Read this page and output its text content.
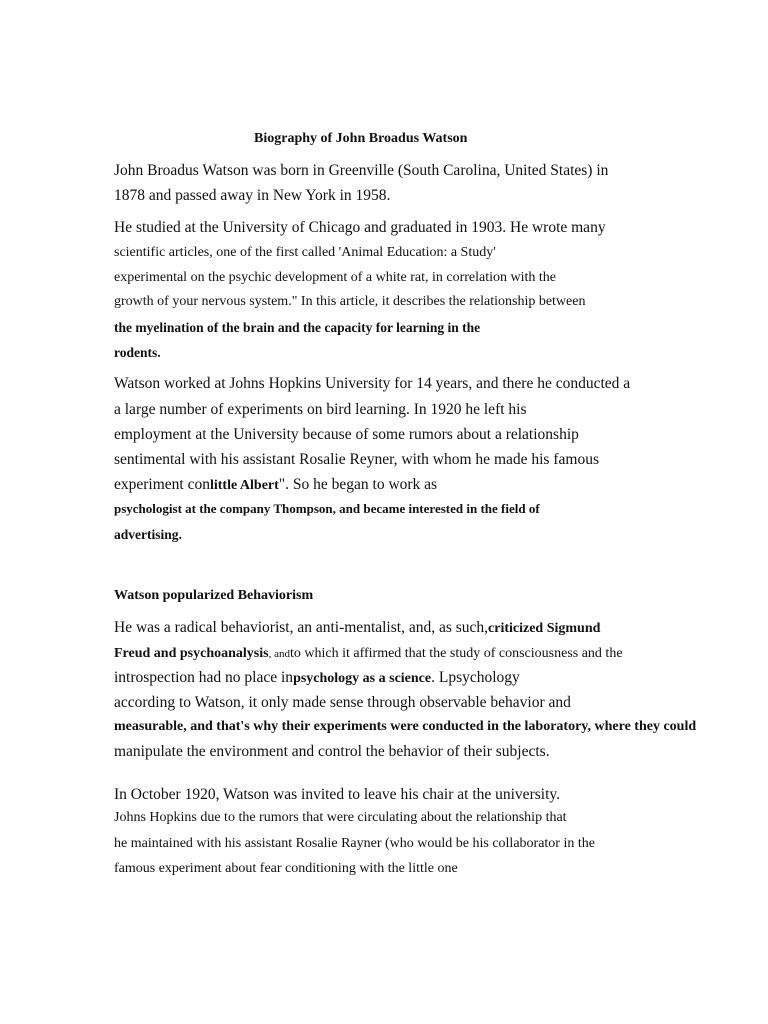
Biography of John Broadus Watson
John Broadus Watson was born in Greenville (South Carolina, United States) in
1878 and passed away in New York in 1958.
He studied at the University of Chicago and graduated in 1903. He wrote many
scientific articles, one of the first called 'Animal Education: a Study'
experimental on the psychic development of a white rat, in correlation with the
growth of your nervous system." In this article, it describes the relationship between
the myelination of the brain and the capacity for learning in the
rodents.
Watson worked at Johns Hopkins University for 14 years, and there he conducted a
a large number of experiments on bird learning. In 1920 he left his
employment at the University because of some rumors about a relationship
sentimental with his assistant Rosalie Reyner, with whom he made his famous
experiment conlittle Albert". So he began to work as
psychologist at the company Thompson, and became interested in the field of
advertising.
Watson popularized Behaviorism
He was a radical behaviorist, an anti-mentalist, and, as such,criticized Sigmund
Freud and psychoanalysis, andto which it affirmed that the study of consciousness and the
introspection had no place inpsychology as a science. Lpsychology
according to Watson, it only made sense through observable behavior and
measurable, and that's why their experiments were conducted in the laboratory, where they could
manipulate the environment and control the behavior of their subjects.
In October 1920, Watson was invited to leave his chair at the university.
Johns Hopkins due to the rumors that were circulating about the relationship that
he maintained with his assistant Rosalie Rayner (who would be his collaborator in the
famous experiment about fear conditioning with the little one
